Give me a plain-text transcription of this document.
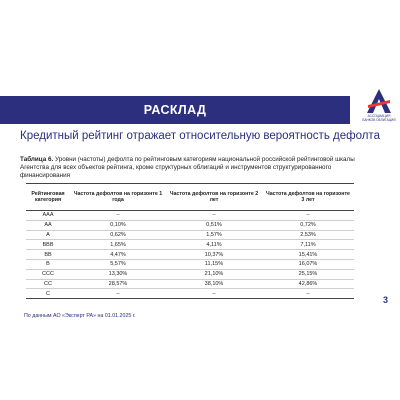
РАСКЛАД	АССОЦИАЦИЯ БАНКОВ ОБЛИГАЦИЙ
Кредитный рейтинг отражает относительную вероятность дефолта
Таблица 6. Уровни (частоты) дефолта по рейтинговым категориям национальной российской рейтинговой шкалы Агентства для всех объектов рейтинга, кроме структурных облигаций и инструментов структурированного финансирования
Рейтинговая категория	Частота дефолтов на горизонте 1 года	Частота дефолтов на горизонте 2 лет	Частота дефолтов на горизонте 3 лет
AAA	–	–	–
AA	0,10%	0,51%	0,72%
A	0,62%	1,57%	2,53%
BBB	1,65%	4,11%	7,11%
BB	4,47%	10,37%	15,41%
B	5,57%	11,15%	16,07%
CCC	13,30%	21,10%	25,15%
CC	28,57%	38,10%	42,86%
C	–	–	–
По данным АО «Эксперт РА» на 01.01.2025 г.
3
